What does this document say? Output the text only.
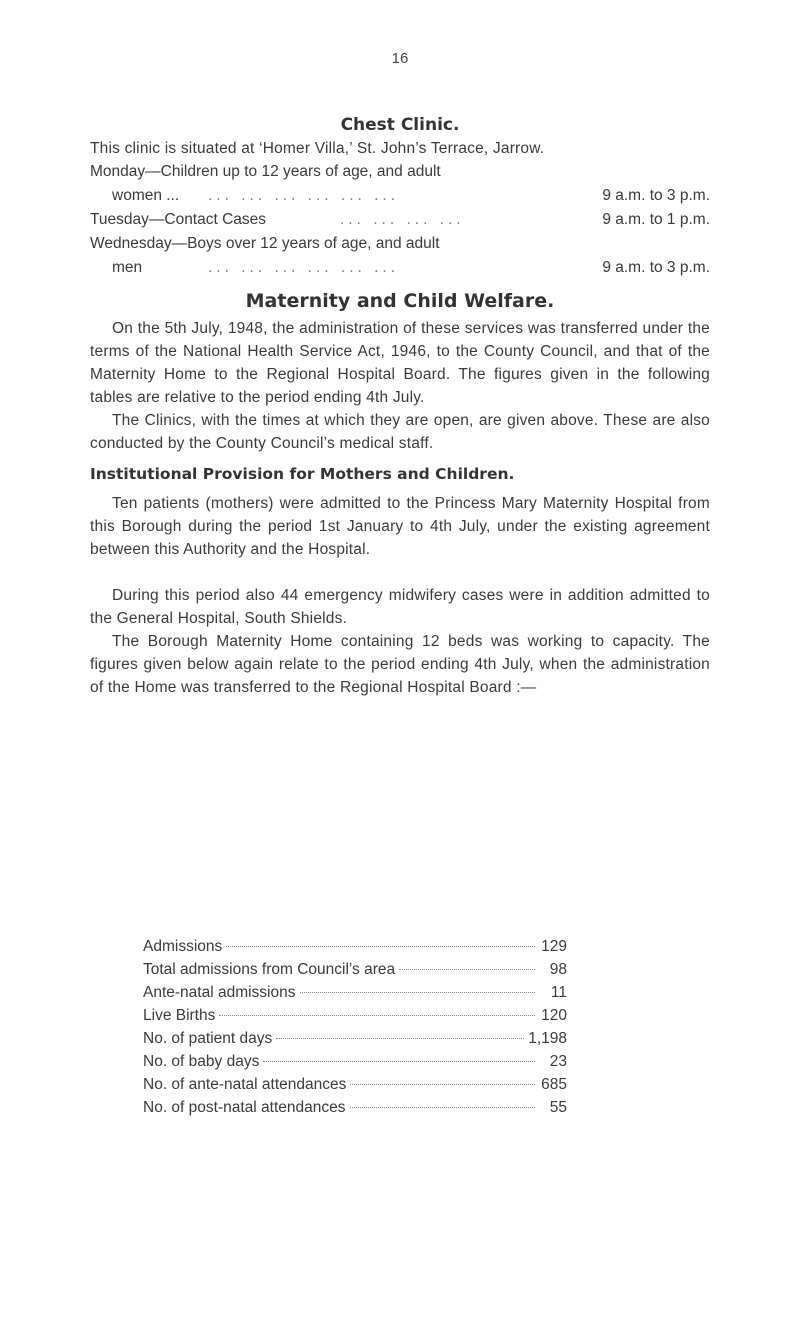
16
Chest Clinic.
This clinic is situated at ‘Homer Villa,’ St. John’s Terrace, Jarrow.
Monday—Children up to 12 years of age, and adult
women ... ... ... ... ... ... ...	9 a.m. to 3 p.m.
Tuesday—Contact Cases	... ... ... ...	9 a.m. to 1 p.m.
Wednesday—Boys over 12 years of age, and adult
men	... ... ... ... ... ...	9 a.m. to 3 p.m.
Maternity and Child Welfare.
On the 5th July, 1948, the administration of these services was transferred under the terms of the National Health Service Act, 1946, to the County Council, and that of the Maternity Home to the Regional Hospital Board. The figures given in the following tables are relative to the period ending 4th July.
The Clinics, with the times at which they are open, are given above. These are also conducted by the County Council’s medical staff.
Institutional Provision for Mothers and Children.
Ten patients (mothers) were admitted to the Princess Mary Maternity Hospital from this Borough during the period 1st January to 4th July, under the existing agreement between this Authority and the Hospital.
During this period also 44 emergency midwifery cases were in addition admitted to the General Hospital, South Shields.
The Borough Maternity Home containing 12 beds was working to capacity. The figures given below again relate to the period ending 4th July, when the administration of the Home was transferred to the Regional Hospital Board :—
Admissions	129
Total admissions from Council’s area	98
Ante-natal admissions	11
Live Births	120
No. of patient days	1,198
No. of baby days	23
No. of ante-natal attendances	685
No. of post-natal attendances	55
